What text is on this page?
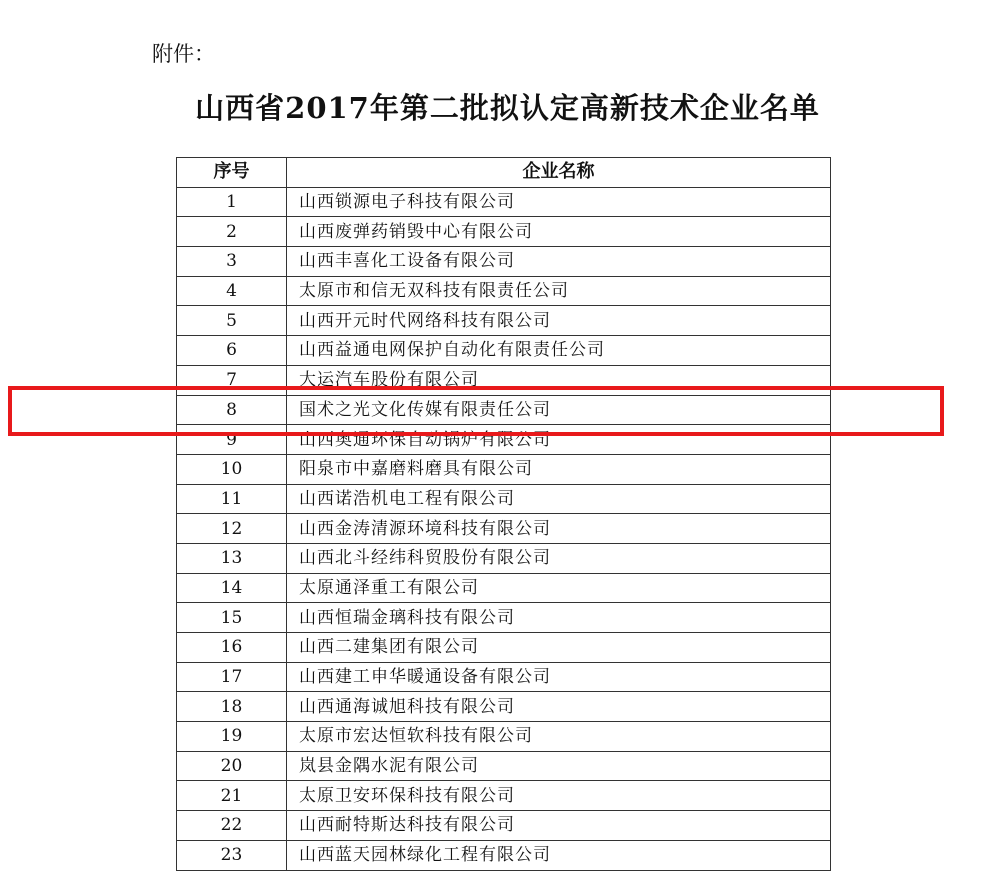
附件：
山西省2017年第二批拟认定高新技术企业名单
序号	企业名称
1	山西锁源电子科技有限公司
2	山西废弹药销毁中心有限公司
3	山西丰喜化工设备有限公司
4	太原市和信无双科技有限责任公司
5	山西开元时代网络科技有限公司
6	山西益通电网保护自动化有限责任公司
7	大运汽车股份有限公司
8	国术之光文化传媒有限责任公司
9	山西奥通环保自动锅炉有限公司
10	阳泉市中嘉磨料磨具有限公司
11	山西诺浩机电工程有限公司
12	山西金涛清源环境科技有限公司
13	山西北斗经纬科贸股份有限公司
14	太原通泽重工有限公司
15	山西恒瑞金璃科技有限公司
16	山西二建集团有限公司
17	山西建工申华暖通设备有限公司
18	山西通海诚旭科技有限公司
19	太原市宏达恒软科技有限公司
20	岚县金隅水泥有限公司
21	太原卫安环保科技有限公司
22	山西耐特斯达科技有限公司
23	山西蓝天园林绿化工程有限公司
